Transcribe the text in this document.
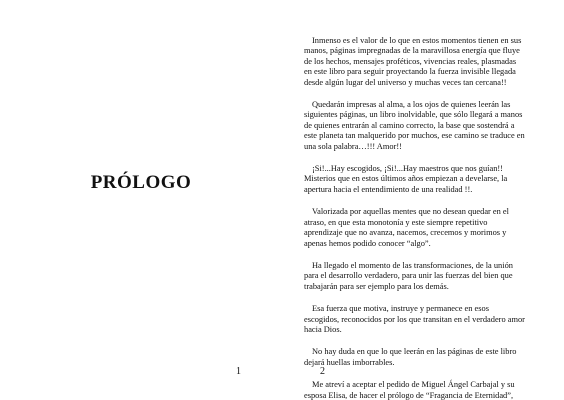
PRÓLOGO
1

Inmenso es el valor de lo que en estos momentos tienen en sus manos, páginas impregnadas de la maravillosa energía que fluye de los hechos, mensajes proféticos, vivencias reales, plasmadas en este libro para seguir proyectando la fuerza invisible llegada desde algún lugar del universo y muchas veces tan cercana!!

Quedarán impresas al alma, a los ojos de quienes leerán las siguientes páginas, un libro inolvidable, que sólo llegará a manos de quienes entrarán al camino correcto, la base que sostendrá a este planeta tan malquerido por muchos, ese camino se traduce en una sola palabra…!!! Amor!!

¡Si!...Hay escogidos, ¡Si!...Hay maestros que nos guían!! Misterios que en estos últimos años empiezan a develarse, la apertura hacia el entendimiento de una realidad !!.

Valorizada por aquellas mentes que no desean quedar en el atraso, en que esta monotonía y este siempre repetitivo aprendizaje que no avanza, nacemos, crecemos y morimos y apenas hemos podido conocer “algo”.

Ha llegado el momento de las transformaciones, de la unión para el desarrollo verdadero, para unir las fuerzas del bien que trabajarán para ser ejemplo para los demás.

Esa fuerza que motiva, instruye y permanece en esos escogidos, reconocidos por los que transitan en el verdadero amor hacia Dios.

No hay duda en que lo que leerán en las páginas de este libro dejará huellas imborrables.

Me atreví a aceptar el pedido de Miguel Ángel Carbajal y su esposa Elisa, de hacer el prólogo de “Fragancia de Eternidad”,

2
